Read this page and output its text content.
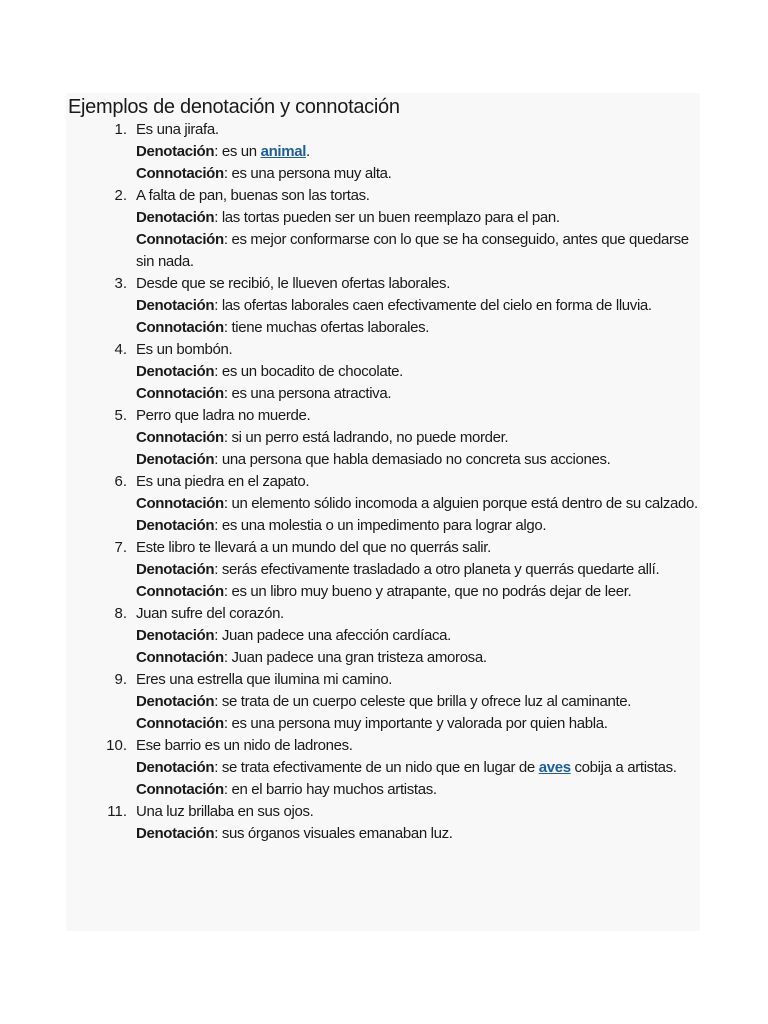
Ejemplos de denotación y connotación
1. Es una jirafa.
Denotación: es un animal.
Connotación: es una persona muy alta.
2. A falta de pan, buenas son las tortas.
Denotación: las tortas pueden ser un buen reemplazo para el pan.
Connotación: es mejor conformarse con lo que se ha conseguido, antes que quedarse sin nada.
3. Desde que se recibió, le llueven ofertas laborales.
Denotación: las ofertas laborales caen efectivamente del cielo en forma de lluvia.
Connotación: tiene muchas ofertas laborales.
4. Es un bombón.
Denotación: es un bocadito de chocolate.
Connotación: es una persona atractiva.
5. Perro que ladra no muerde.
Connotación: si un perro está ladrando, no puede morder.
Denotación: una persona que habla demasiado no concreta sus acciones.
6. Es una piedra en el zapato.
Connotación: un elemento sólido incomoda a alguien porque está dentro de su calzado.
Denotación: es una molestia o un impedimento para lograr algo.
7. Este libro te llevará a un mundo del que no querrás salir.
Denotación: serás efectivamente trasladado a otro planeta y querrás quedarte allí.
Connotación: es un libro muy bueno y atrapante, que no podrás dejar de leer.
8. Juan sufre del corazón.
Denotación: Juan padece una afección cardíaca.
Connotación: Juan padece una gran tristeza amorosa.
9. Eres una estrella que ilumina mi camino.
Denotación: se trata de un cuerpo celeste que brilla y ofrece luz al caminante.
Connotación: es una persona muy importante y valorada por quien habla.
10. Ese barrio es un nido de ladrones.
Denotación: se trata efectivamente de un nido que en lugar de aves cobija a artistas.
Connotación: en el barrio hay muchos artistas.
11. Una luz brillaba en sus ojos.
Denotación: sus órganos visuales emanaban luz.
